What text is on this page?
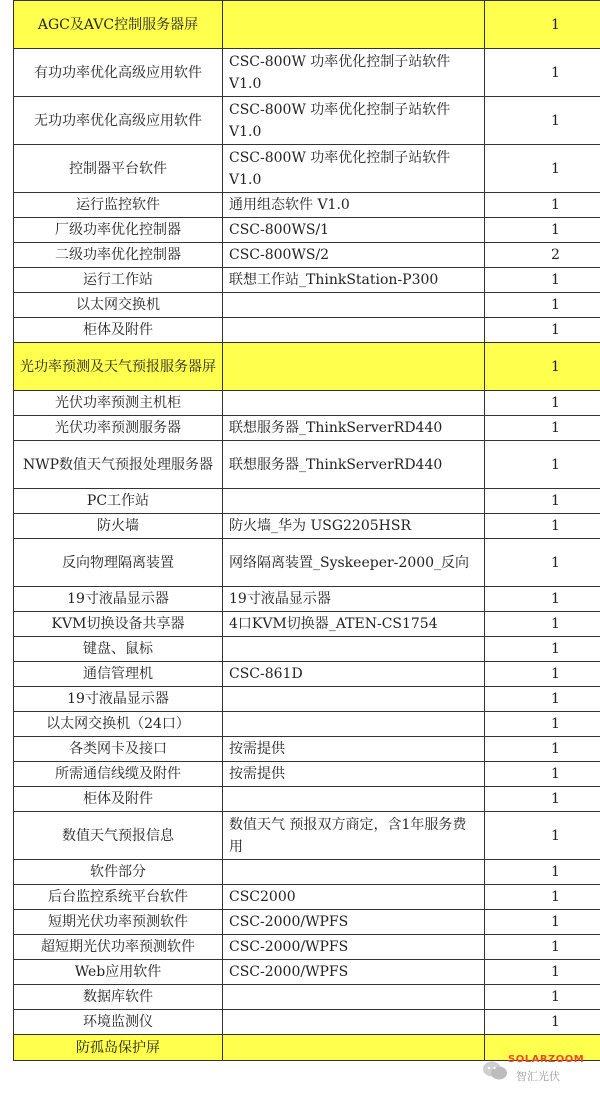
AGC及AVC控制服务器屏		1
有功功率优化高级应用软件	CSC-800W 功率优化控制子站软件 V1.0	1
无功功率优化高级应用软件	CSC-800W 功率优化控制子站软件 V1.0	1
控制器平台软件	CSC-800W 功率优化控制子站软件 V1.0	1
运行监控软件	通用组态软件 V1.0	1
厂级功率优化控制器	CSC-800WS/1	1
二级功率优化控制器	CSC-800WS/2	2
运行工作站	联想工作站_ThinkStation-P300	1
以太网交换机		1
柜体及附件		1
光功率预测及天气预报服务器屏		1
光伏功率预测主机柜		1
光伏功率预测服务器	联想服务器_ThinkServerRD440	1
NWP数值天气预报处理服务器	联想服务器_ThinkServerRD440	1
PC工作站		1
防火墙	防火墙_华为 USG2205HSR	1
反向物理隔离装置	网络隔离装置_Syskeeper-2000_反向	1
19寸液晶显示器	19寸液晶显示器	1
KVM切换设备共享器	4口KVM切换器_ATEN-CS1754	1
键盘、鼠标		1
通信管理机	CSC-861D	1
19寸液晶显示器		1
以太网交换机（24口）		1
各类网卡及接口	按需提供	1
所需通信线缆及附件	按需提供	1
柜体及附件		1
数值天气预报信息	数值天气 预报双方商定，含1年服务费用	1
软件部分		1
后台监控系统平台软件	CSC2000	1
短期光伏功率预测软件	CSC-2000/WPFS	1
超短期光伏功率预测软件	CSC-2000/WPFS	1
Web应用软件	CSC-2000/WPFS	1
数据库软件		1
环境监测仪		1
防孤岛保护屏		
SOLARZOOM
智汇光伏
